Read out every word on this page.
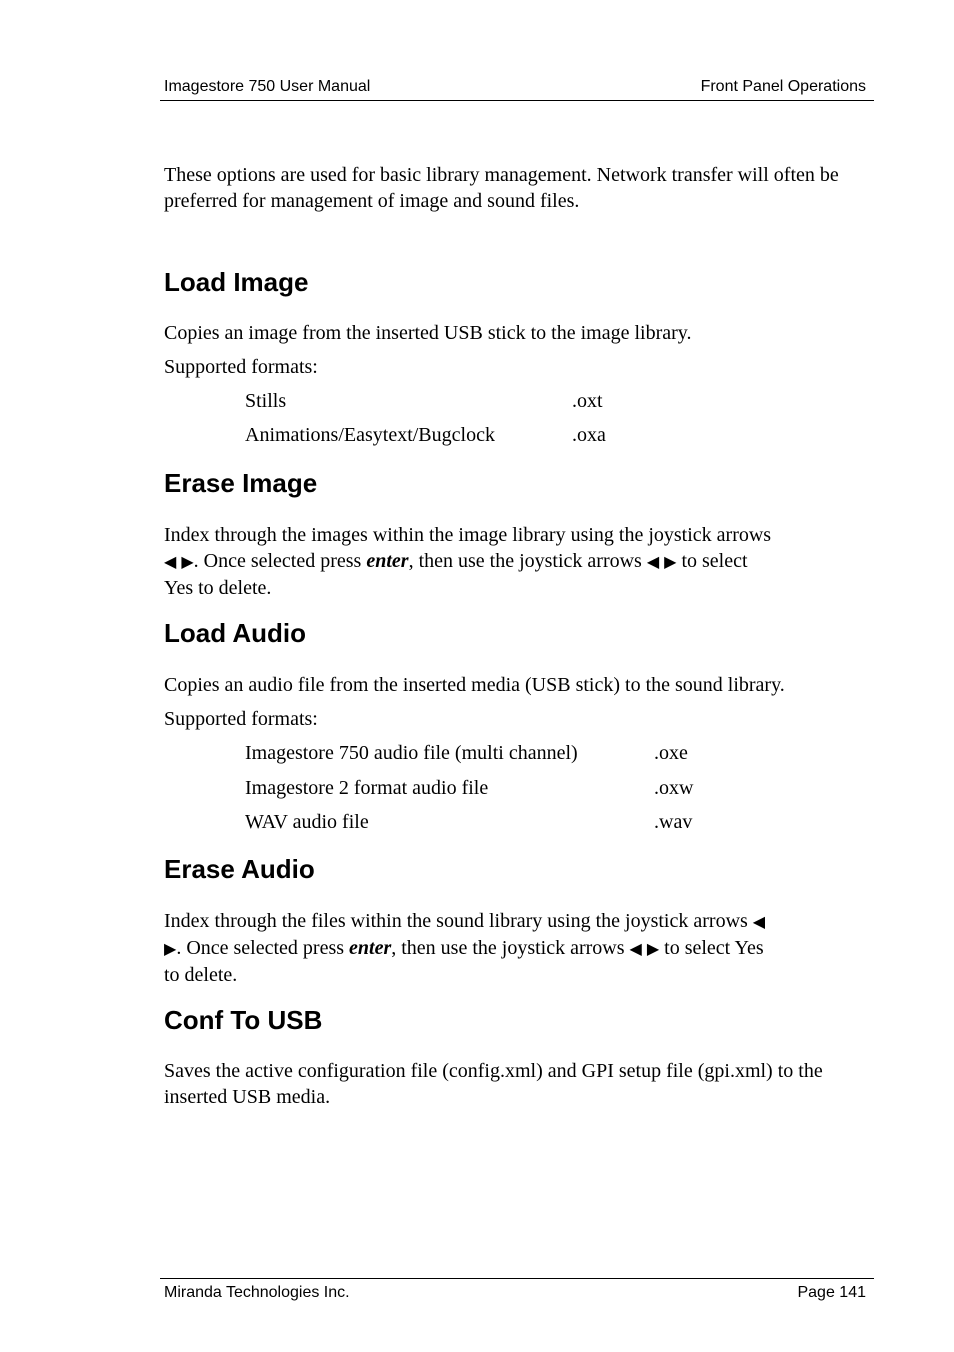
Imagestore 750 User Manual	Front Panel Operations

These options are used for basic library management. Network transfer will often be preferred for management of image and sound files.

Load Image

Copies an image from the inserted USB stick to the image library.

Supported formats:

Stills	.oxt
Animations/Easytext/Bugclock	.oxa
Erase Image

Index through the images within the image library using the joystick arrows
◀ ▶. Once selected press enter, then use the joystick arrows ◀ ▶ to select
Yes to delete.

Load Audio

Copies an audio file from the inserted media (USB stick) to the sound library.

Supported formats:

Imagestore 750 audio file (multi channel)	.oxe
Imagestore 2 format audio file	.oxw
WAV audio file	.wav
Erase Audio

Index through the files within the sound library using the joystick arrows ◀
▶. Once selected press enter, then use the joystick arrows ◀ ▶ to select Yes
to delete.

Conf To USB

Saves the active configuration file (config.xml) and GPI setup file (gpi.xml) to the inserted USB media.

Miranda Technologies Inc.	Page 141
